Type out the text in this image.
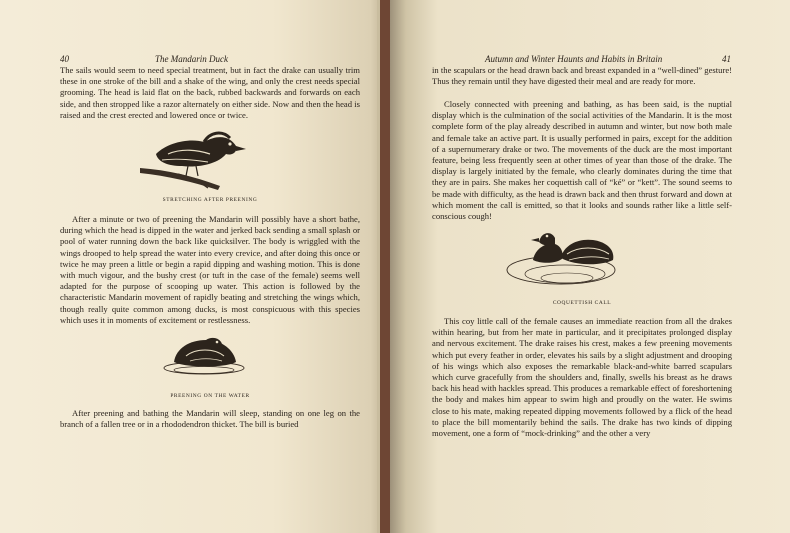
40	The Mandarin Duck

The sails would seem to need special treatment, but in fact the drake can usually trim these in one stroke of the bill and a shake of the wing, and only the crest needs special grooming. The head is laid flat on the back, rubbed backwards and forwards on each side, and then stropped like a razor alternately on either side. Now and then the head is raised and the crest erected and lowered once or twice.

STRETCHING AFTER PREENING

After a minute or two of preening the Mandarin will possibly have a short bathe, during which the head is dipped in the water and jerked back sending a small splash or pool of water running down the back like quicksilver. The body is wriggled with the wings drooped to help spread the water into every crevice, and after doing this once or twice he may preen a little or begin a rapid dipping and washing motion. This is done with much vigour, and the bushy crest (or tuft in the case of the female) seems well adapted for the purpose of scooping up water. This action is followed by the characteristic Mandarin movement of rapidly beating and stretching the wings which, though really quite common among ducks, is most conspicuous with this species which uses it in moments of excitement or restlessness.

PREENING ON THE WATER

After preening and bathing the Mandarin will sleep, standing on one leg on the branch of a fallen tree or in a rhododendron thicket. The bill is buried

Autumn and Winter Haunts and Habits in Britain	41

in the scapulars or the head drawn back and breast expanded in a “well-dined” gesture! Thus they remain until they have digested their meal and are ready for more.

Closely connected with preening and bathing, as has been said, is the nuptial display which is the culmination of the social activities of the Mandarin. It is the most complete form of the play already described in autumn and winter, but now both male and female take an active part. It is usually performed in pairs, except for the addition of a supernumerary drake or two. The movements of the duck are the most important feature, being less frequently seen at other times of year than those of the drake. The display is largely initiated by the female, who clearly dominates during the time that they are in pairs. She makes her coquettish call of “ké” or “kett”. The sound seems to be made with difficulty, as the head is drawn back and then thrust forward and down at which moment the call is emitted, so that it looks and sounds rather like a little self-conscious cough!

COQUETTISH CALL

This coy little call of the female causes an immediate reaction from all the drakes within hearing, but from her mate in particular, and it precipitates prolonged display and nervous excitement. The drake raises his crest, makes a few preening movements which put every feather in order, elevates his sails by a slight adjustment and drooping of his wings which also exposes the remarkable black-and-white barred scapulars which curve gracefully from the shoulders and, finally, swells his breast as he draws back his head with hackles spread. This produces a remarkable effect of foreshortening the body and makes him appear to swim high and proudly on the water. He swims close to his mate, making repeated dipping movements followed by a flick of the head to place the bill momentarily behind the sails. The drake has two kinds of dipping movement, one a form of “mock-drinking” and the other a very
